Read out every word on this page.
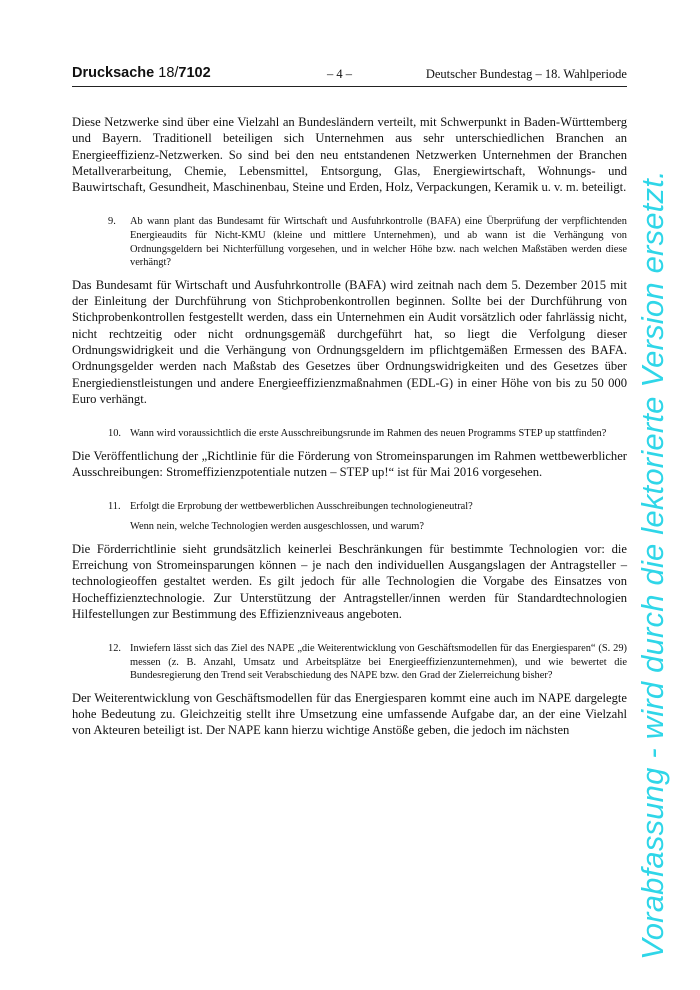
Drucksache 18/7102	– 4 –	Deutscher Bundestag – 18. Wahlperiode

Diese Netzwerke sind über eine Vielzahl an Bundesländern verteilt, mit Schwerpunkt in Baden-Württemberg und Bayern. Traditionell beteiligen sich Unternehmen aus sehr unterschiedlichen Branchen an Energieeffizienz-Netzwerken. So sind bei den neu entstandenen Netzwerken Unternehmen der Branchen Metallverarbeitung, Chemie, Lebensmittel, Entsorgung, Glas, Energiewirtschaft, Wohnungs- und Bauwirtschaft, Gesundheit, Maschinenbau, Steine und Erden, Holz, Verpackungen, Keramik u. v. m. beteiligt.

9.	Ab wann plant das Bundesamt für Wirtschaft und Ausfuhrkontrolle (BAFA) eine Überprüfung der verpflichtenden Energieaudits für Nicht-KMU (kleine und mittlere Unternehmen), und ab wann ist die Verhängung von Ordnungsgeldern bei Nichterfüllung vorgesehen, und in welcher Höhe bzw. nach welchen Maßstäben werden diese verhängt?

Das Bundesamt für Wirtschaft und Ausfuhrkontrolle (BAFA) wird zeitnah nach dem 5. Dezember 2015 mit der Einleitung der Durchführung von Stichprobenkontrollen beginnen. Sollte bei der Durchführung von Stichprobenkontrollen festgestellt werden, dass ein Unternehmen ein Audit vorsätzlich oder fahrlässig nicht, nicht rechtzeitig oder nicht ordnungsgemäß durchgeführt hat, so liegt die Verfolgung dieser Ordnungswidrigkeit und die Verhängung von Ordnungsgeldern im pflichtgemäßen Ermessen des BAFA. Ordnungsgelder werden nach Maßstab des Gesetzes über Ordnungswidrigkeiten und des Gesetzes über Energiedienstleistungen und andere Energieeffizienzmaßnahmen (EDL-G) in einer Höhe von bis zu 50 000 Euro verhängt.

10. Wann wird voraussichtlich die erste Ausschreibungsrunde im Rahmen des neuen Programms STEP up stattfinden?

Die Veröffentlichung der „Richtlinie für die Förderung von Stromeinsparungen im Rahmen wettbewerblicher Ausschreibungen: Stromeffizienzpotentiale nutzen – STEP up!“ ist für Mai 2016 vorgesehen.

11. Erfolgt die Erprobung der wettbewerblichen Ausschreibungen technologieneutral?
Wenn nein, welche Technologien werden ausgeschlossen, und warum?

Die Förderrichtlinie sieht grundsätzlich keinerlei Beschränkungen für bestimmte Technologien vor: die Erreichung von Stromeinsparungen können – je nach den individuellen Ausgangslagen der Antragsteller – technologieoffen gestaltet werden. Es gilt jedoch für alle Technologien die Vorgabe des Einsatzes von Hocheffizienztechnologie. Zur Unterstützung der Antragsteller/innen werden für Standardtechnologien Hilfestellungen zur Bestimmung des Effizienzniveaus angeboten.

12. Inwiefern lässt sich das Ziel des NAPE „die Weiterentwicklung von Geschäftsmodellen für das Energiesparen“ (S. 29) messen (z. B. Anzahl, Umsatz und Arbeitsplätze bei Energieeffizienzunternehmen), und wie bewertet die Bundesregierung den Trend seit Verabschiedung des NAPE bzw. den Grad der Zielerreichung bisher?

Der Weiterentwicklung von Geschäftsmodellen für das Energiesparen kommt eine auch im NAPE dargelegte hohe Bedeutung zu. Gleichzeitig stellt ihre Umsetzung eine umfassende Aufgabe dar, an der eine Vielzahl von Akteuren beteiligt ist. Der NAPE kann hierzu wichtige Anstöße geben, die jedoch im nächsten	Vorabfassung - wird durch die lektorierte Version ersetzt.
